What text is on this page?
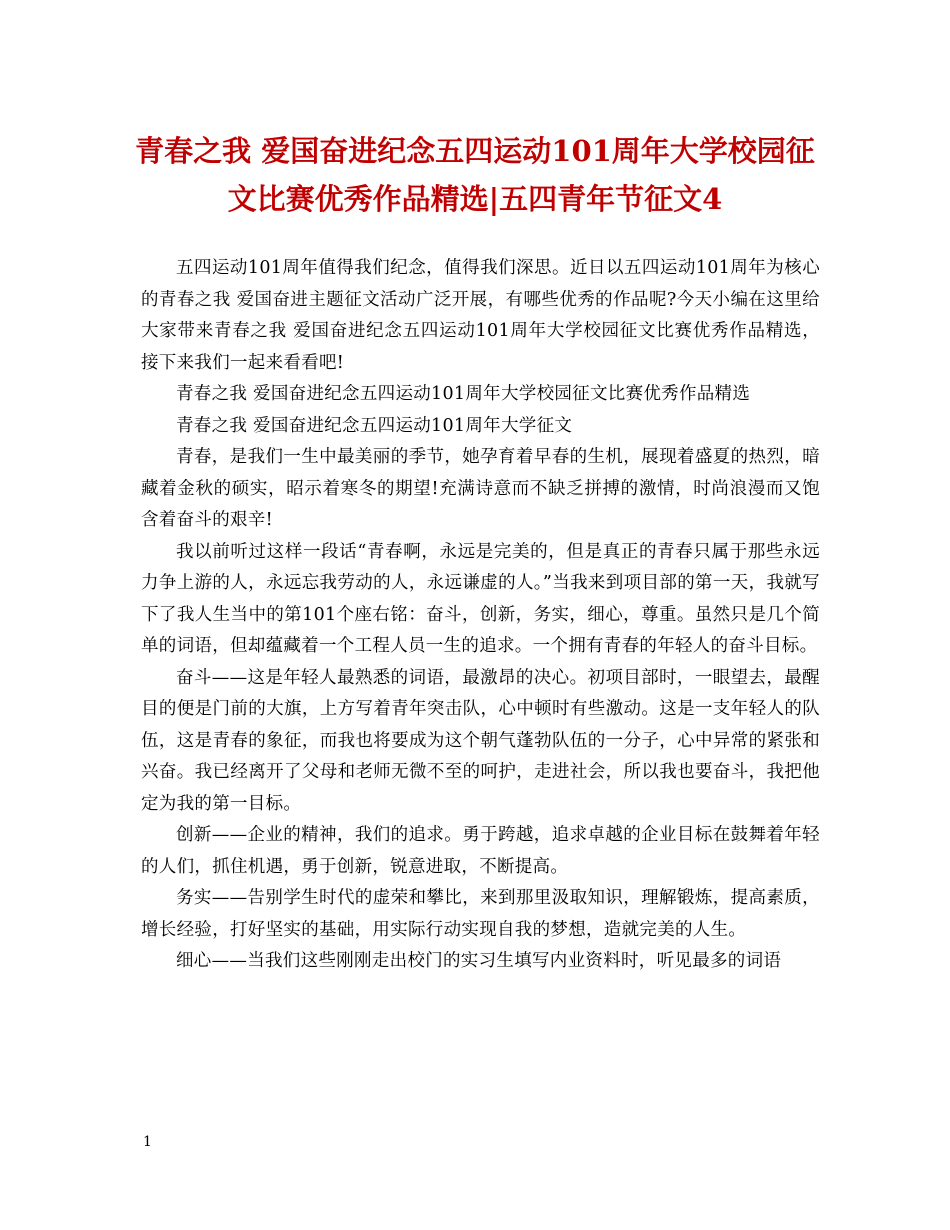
青春之我 爱国奋进纪念五四运动101周年大学校园征
文比赛优秀作品精选|五四青年节征文4

五四运动101周年值得我们纪念，值得我们深思。近日以五四运动101周年为核心的青春之我 爱国奋进主题征文活动广泛开展，有哪些优秀的作品呢?今天小编在这里给大家带来青春之我 爱国奋进纪念五四运动101周年大学校园征文比赛优秀作品精选，接下来我们一起来看看吧!

青春之我 爱国奋进纪念五四运动101周年大学校园征文比赛优秀作品精选

青春之我 爱国奋进纪念五四运动101周年大学征文

青春，是我们一生中最美丽的季节，她孕育着早春的生机，展现着盛夏的热烈，暗藏着金秋的硕实，昭示着寒冬的期望!充满诗意而不缺乏拼搏的激情，时尚浪漫而又饱含着奋斗的艰辛!

我以前听过这样一段话“青春啊，永远是完美的，但是真正的青春只属于那些永远力争上游的人，永远忘我劳动的人，永远谦虚的人。”当我来到项目部的第一天，我就写下了我人生当中的第101个座右铭：奋斗，创新，务实，细心，尊重。虽然只是几个简单的词语，但却蕴藏着一个工程人员一生的追求。一个拥有青春的年轻人的奋斗目标。

奋斗——这是年轻人最熟悉的词语，最激昂的决心。初项目部时，一眼望去，最醒目的便是门前的大旗，上方写着青年突击队，心中顿时有些激动。这是一支年轻人的队伍，这是青春的象征，而我也将要成为这个朝气蓬勃队伍的一分子，心中异常的紧张和兴奋。我已经离开了父母和老师无微不至的呵护，走进社会，所以我也要奋斗，我把他定为我的第一目标。

创新——企业的精神，我们的追求。勇于跨越，追求卓越的企业目标在鼓舞着年轻的人们，抓住机遇，勇于创新，锐意进取，不断提高。

务实——告别学生时代的虚荣和攀比，来到那里汲取知识，理解锻炼，提高素质，增长经验，打好坚实的基础，用实际行动实现自我的梦想，造就完美的人生。

细心——当我们这些刚刚走出校门的实习生填写内业资料时，听见最多的词语

1
